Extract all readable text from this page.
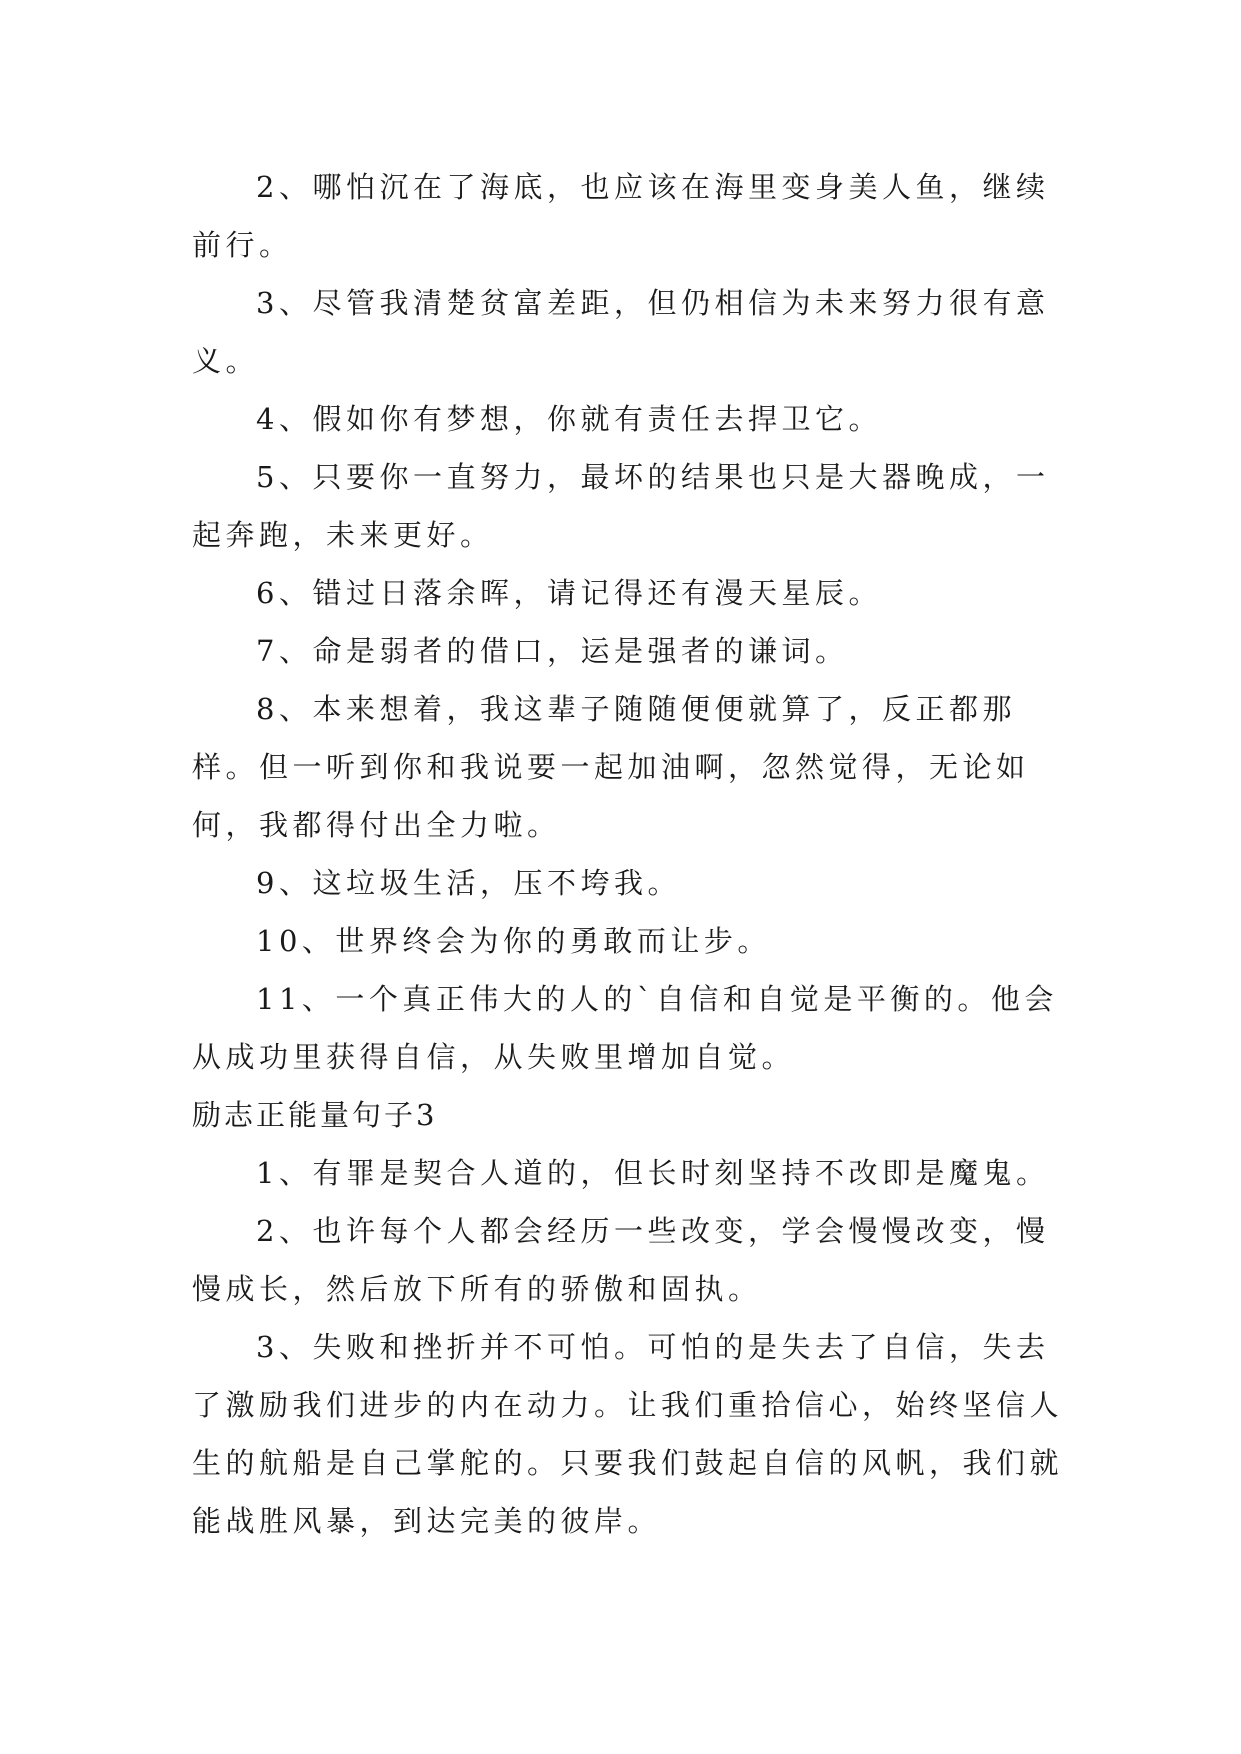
2、哪怕沉在了海底，也应该在海里变身美人鱼，继续前行。

3、尽管我清楚贫富差距，但仍相信为未来努力很有意义。

4、假如你有梦想，你就有责任去捍卫它。

5、只要你一直努力，最坏的结果也只是大器晚成，一起奔跑，未来更好。

6、错过日落余晖，请记得还有漫天星辰。

7、命是弱者的借口，运是强者的谦词。

8、本来想着，我这辈子随随便便就算了，反正都那样。但一听到你和我说要一起加油啊，忽然觉得，无论如何，我都得付出全力啦。

9、这垃圾生活，压不垮我。

10、世界终会为你的勇敢而让步。

11、一个真正伟大的人的`自信和自觉是平衡的。他会从成功里获得自信，从失败里增加自觉。

励志正能量句子3

1、有罪是契合人道的，但长时刻坚持不改即是魔鬼。

2、也许每个人都会经历一些改变，学会慢慢改变，慢慢成长，然后放下所有的骄傲和固执。

3、失败和挫折并不可怕。可怕的是失去了自信，失去了激励我们进步的内在动力。让我们重拾信心，始终坚信人生的航船是自己掌舵的。只要我们鼓起自信的风帆，我们就能战胜风暴，到达完美的彼岸。
